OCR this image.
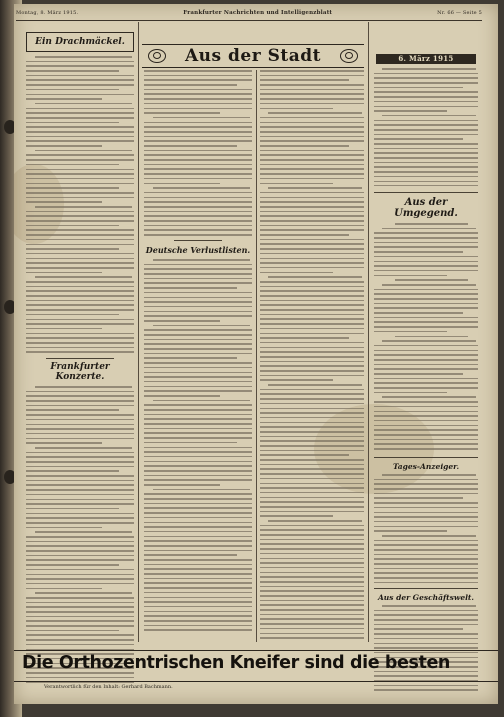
Montag, 8. März 1915.	Frankfurter Nachrichten und Intelligenzblatt	Nr. 66 — Seite 5

Ein Drachmäckel.

Frankfurter Konzerte.

Aus der Stadt

Deutsche Verlustlisten.

6. März 1915

Aus der Umgegend.

Tages-Anzeiger.

Aus der Geschäftswelt.

Die Orthozentrischen Kneifer sind die besten
Verantwortlich für den Inhalt: Gerhard Bachmann.
